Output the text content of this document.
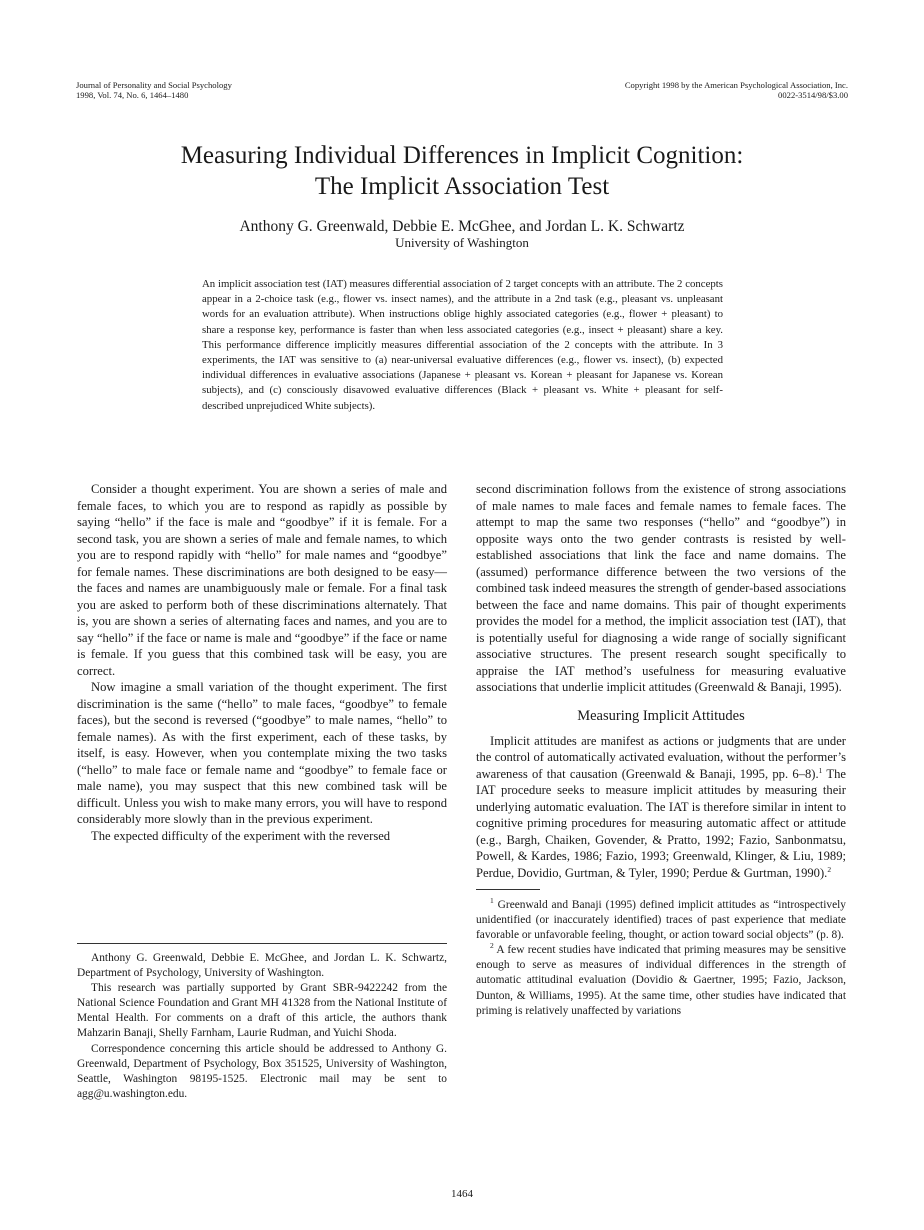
Journal of Personality and Social Psychology
1998, Vol. 74, No. 6, 1464–1480
Copyright 1998 by the American Psychological Association, Inc.
0022-3514/98/$3.00
Measuring Individual Differences in Implicit Cognition:
The Implicit Association Test
Anthony G. Greenwald, Debbie E. McGhee, and Jordan L. K. Schwartz
University of Washington
An implicit association test (IAT) measures differential association of 2 target concepts with an attribute. The 2 concepts appear in a 2-choice task (e.g., flower vs. insect names), and the attribute in a 2nd task (e.g., pleasant vs. unpleasant words for an evaluation attribute). When instructions oblige highly associated categories (e.g., flower + pleasant) to share a response key, performance is faster than when less associated categories (e.g., insect + pleasant) share a key. This performance difference implicitly measures differential association of the 2 concepts with the attribute. In 3 experiments, the IAT was sensitive to (a) near-universal evaluative differences (e.g., flower vs. insect), (b) expected individual differences in evaluative associations (Japanese + pleasant vs. Korean + pleasant for Japanese vs. Korean subjects), and (c) consciously disavowed evaluative differences (Black + pleasant vs. White + pleasant for self-described unprejudiced White subjects).

Consider a thought experiment. You are shown a series of male and female faces, to which you are to respond as rapidly as possible by saying “hello” if the face is male and “goodbye” if it is female. For a second task, you are shown a series of male and female names, to which you are to respond rapidly with “hello” for male names and “goodbye” for female names. These discriminations are both designed to be easy—the faces and names are unambiguously male or female. For a final task you are asked to perform both of these discriminations alternately. That is, you are shown a series of alternating faces and names, and you are to say “hello” if the face or name is male and “goodbye” if the face or name is female. If you guess that this combined task will be easy, you are correct.

Now imagine a small variation of the thought experiment. The first discrimination is the same (“hello” to male faces, “goodbye” to female faces), but the second is reversed (“goodbye” to male names, “hello” to female names). As with the first experiment, each of these tasks, by itself, is easy. However, when you contemplate mixing the two tasks (“hello” to male face or female name and “goodbye” to female face or male name), you may suspect that this new combined task will be difficult. Unless you wish to make many errors, you will have to respond considerably more slowly than in the previous experiment.

The expected difficulty of the experiment with the reversed

Anthony G. Greenwald, Debbie E. McGhee, and Jordan L. K. Schwartz, Department of Psychology, University of Washington.

This research was partially supported by Grant SBR-9422242 from the National Science Foundation and Grant MH 41328 from the National Institute of Mental Health. For comments on a draft of this article, the authors thank Mahzarin Banaji, Shelly Farnham, Laurie Rudman, and Yuichi Shoda.

Correspondence concerning this article should be addressed to Anthony G. Greenwald, Department of Psychology, Box 351525, University of Washington, Seattle, Washington 98195-1525. Electronic mail may be sent to agg@u.washington.edu.

second discrimination follows from the existence of strong associations of male names to male faces and female names to female faces. The attempt to map the same two responses (“hello” and “goodbye”) in opposite ways onto the two gender contrasts is resisted by well-established associations that link the face and name domains. The (assumed) performance difference between the two versions of the combined task indeed measures the strength of gender-based associations between the face and name domains. This pair of thought experiments provides the model for a method, the implicit association test (IAT), that is potentially useful for diagnosing a wide range of socially significant associative structures. The present research sought specifically to appraise the IAT method’s usefulness for measuring evaluative associations that underlie implicit attitudes (Greenwald & Banaji, 1995).

Measuring Implicit Attitudes

Implicit attitudes are manifest as actions or judgments that are under the control of automatically activated evaluation, without the performer’s awareness of that causation (Greenwald & Banaji, 1995, pp. 6–8).$^1$ The IAT procedure seeks to measure implicit attitudes by measuring their underlying automatic evaluation. The IAT is therefore similar in intent to cognitive priming procedures for measuring automatic affect or attitude (e.g., Bargh, Chaiken, Govender, & Pratto, 1992; Fazio, Sanbonmatsu, Powell, & Kardes, 1986; Fazio, 1993; Greenwald, Klinger, & Liu, 1989; Perdue, Dovidio, Gurtman, & Tyler, 1990; Perdue & Gurtman, 1990).$^2$

$^1$ Greenwald and Banaji (1995) defined implicit attitudes as “introspectively unidentified (or inaccurately identified) traces of past experience that mediate favorable or unfavorable feeling, thought, or action toward social objects” (p. 8).

$^2$ A few recent studies have indicated that priming measures may be sensitive enough to serve as measures of individual differences in the strength of automatic attitudinal evaluation (Dovidio & Gaertner, 1995; Fazio, Jackson, Dunton, & Williams, 1995). At the same time, other studies have indicated that priming is relatively unaffected by variations

1464
